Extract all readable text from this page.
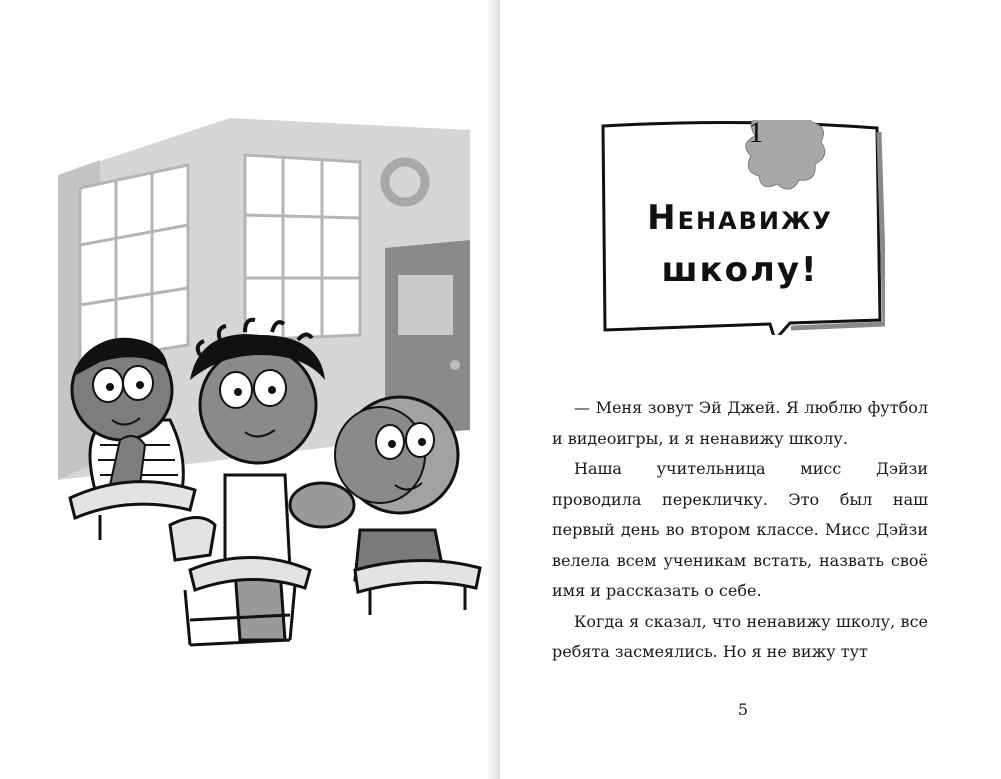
1
Ненавижу
школу!

— Меня зовут Эй Джей. Я люблю футбол и видеоигры, и я ненавижу школу.

Наша учительница мисс Дэйзи проводила перекличку. Это был наш первый день во втором классе. Мисс Дэйзи велела всем ученикам встать, назвать своё имя и рассказать о себе.

Когда я сказал, что ненавижу школу, все ребята засмеялись. Но я не вижу тут

5
